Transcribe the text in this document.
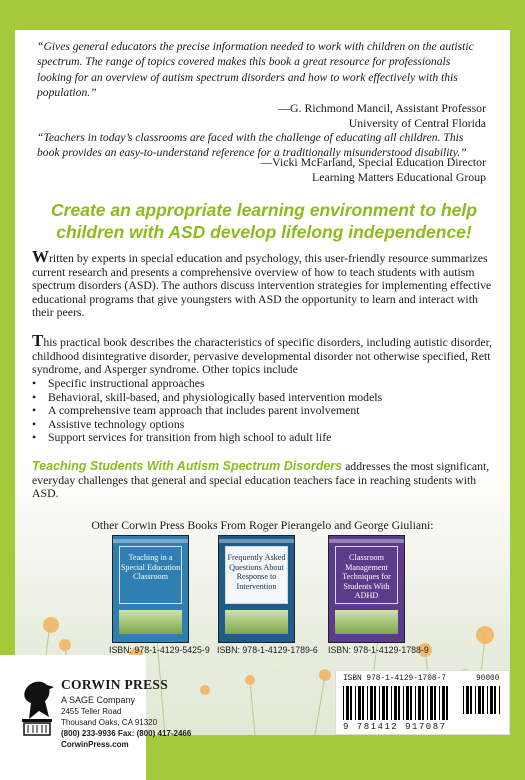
“Gives general educators the precise information needed to work with children on the autistic spectrum. The range of topics covered makes this book a great resource for professionals looking for an overview of autism spectrum disorders and how to work effectively with this population.”
—G. Richmond Mancil, Assistant Professor
University of Central Florida
“Teachers in today’s classrooms are faced with the challenge of educating all children. This book provides an easy-to-understand reference for a traditionally misunderstood disability.”
—Vicki McFarland, Special Education Director
Learning Matters Educational Group
Create an appropriate learning environment to help children with ASD develop lifelong independence!
Written by experts in special education and psychology, this user-friendly resource summarizes current research and presents a comprehensive overview of how to teach students with autism spectrum disorders (ASD). The authors discuss intervention strategies for implementing effective educational programs that give youngsters with ASD the opportunity to learn and interact with their peers.
This practical book describes the characteristics of specific disorders, including autistic disorder, childhood disintegrative disorder, pervasive developmental disorder not otherwise specified, Rett syndrome, and Asperger syndrome. Other topics include
• Specific instructional approaches
• Behavioral, skill-based, and physiologically based intervention models
• A comprehensive team approach that includes parent involvement
• Assistive technology options
• Support services for transition from high school to adult life
Teaching Students With Autism Spectrum Disorders addresses the most significant, everyday challenges that general and special education teachers face in reaching students with ASD.
Other Corwin Press Books From Roger Pierangelo and George Giuliani:
Teaching in a Special Education Classroom
Frequently Asked Questions About Response to Intervention
Classroom Management Techniques for Students With ADHD
ISBN: 978-1-4129-5425-9 ISBN: 978-1-4129-1789-6 ISBN: 978-1-4129-1788-9
CORWIN PRESS
A SAGE Company
2455 Teller Road
Thousand Oaks, CA 91320
(800) 233-9936 Fax: (800) 417-2466
CorwinPress.com
ISBN 978-1-4129-1708-7	90000
9 781412 917087
